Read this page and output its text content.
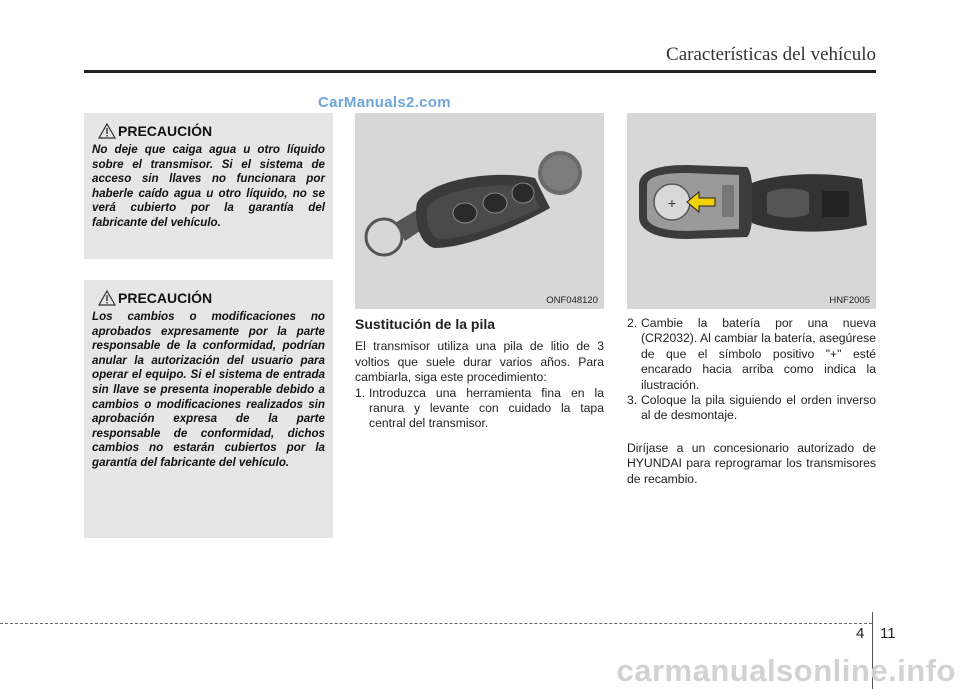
Características del vehículo
CarManuals2.com
PRECAUCIÓN
No deje que caiga agua u otro líquido sobre el transmisor. Si el sistema de acceso sin llaves no funcionara por haberle caído agua u otro líquido, no se verá cubierto por la garantía del fabricante del vehículo.
PRECAUCIÓN
Los cambios o modificaciones no aprobados expresamente por la parte responsable de la conformidad, podrían anular la autorización del usuario para operar el equipo. Si el sistema de entrada sin llave se presenta inoperable debido a cambios o modificaciones realizados sin aprobación expresa de la parte responsable de conformidad, dichos cambios no estarán cubiertos por la garantía del fabricante del vehículo.
ONF048120
+
HNF2005
Sustitución de la pila

El transmisor utiliza una pila de litio de 3 voltios que suele durar varios años. Para cambiarla, siga este procedimiento:

1. Introduzca una herramienta fina en la ranura y levante con cuidado la tapa central del transmisor.
2. Cambie la batería por una nueva (CR2032). Al cambiar la batería, asegúrese de que el símbolo positivo "+" esté encarado hacia arriba como indica la ilustración.
3. Coloque la pila siguiendo el orden inverso al de desmontaje.

Diríjase a un concesionario autorizado de HYUNDAI para reprogramar los transmisores de recambio.

4 11
carmanualsonline.info
